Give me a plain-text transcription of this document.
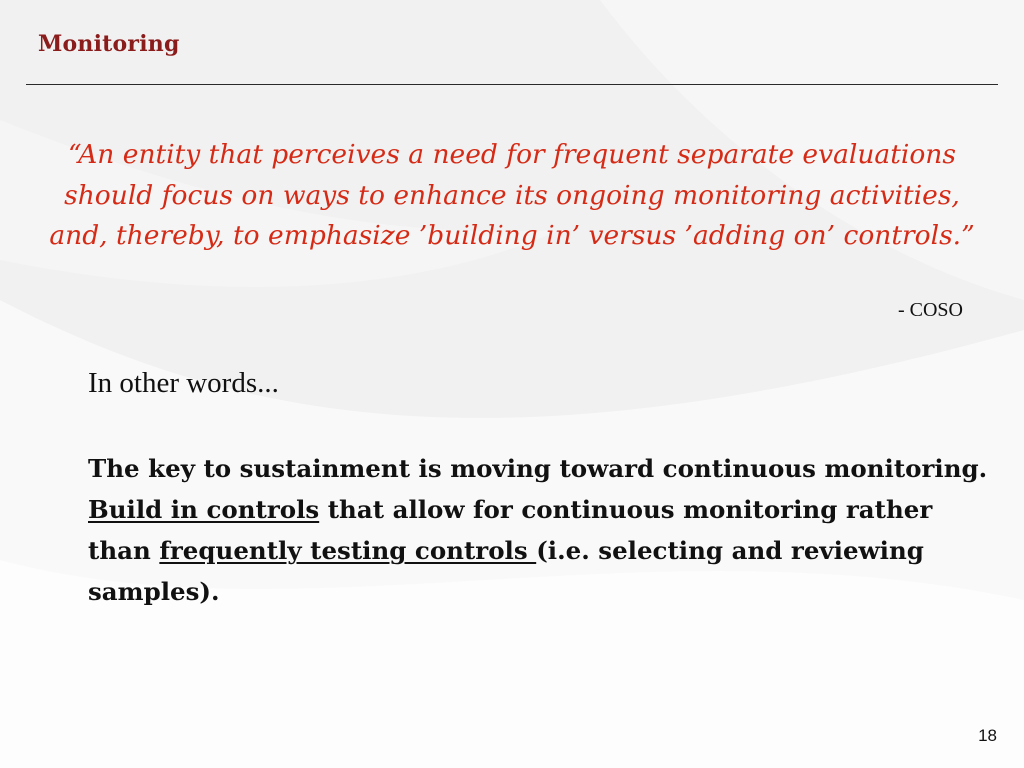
Monitoring
“An entity that perceives a need for frequent separate evaluations should focus on ways to enhance its ongoing monitoring activities, and, thereby, to emphasize ’building in’ versus ’adding on’ controls.”
- COSO
In other words...
The key to sustainment is moving toward continuous monitoring. Build in controls that allow for continuous monitoring rather than frequently testing controls (i.e. selecting and reviewing samples).
18
